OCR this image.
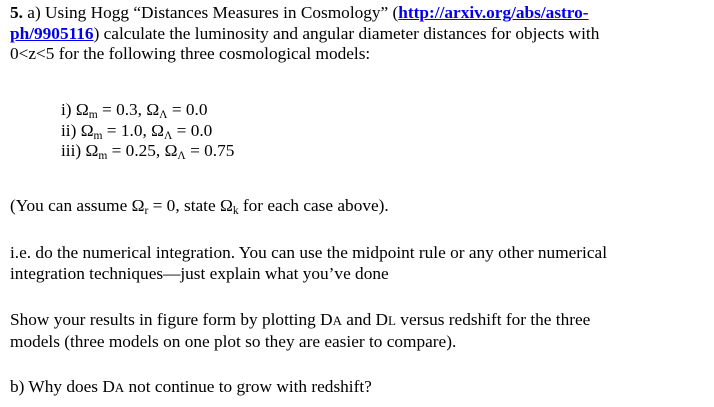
5. a) Using Hogg “Distances Measures in Cosmology” (http://arxiv.org/abs/astro-
ph/9905116) calculate the luminosity and angular diameter distances for objects with
0<z<5 for the following three cosmological models:

i) Ωm = 0.3, ΩΛ = 0.0
ii) Ωm = 1.0, ΩΛ = 0.0
iii) Ωm = 0.25, ΩΛ = 0.75

(You can assume Ωr = 0, state Ωk for each case above).

i.e. do the numerical integration. You can use the midpoint rule or any other numerical
integration techniques—just explain what you’ve done

Show your results in figure form by plotting DA and DL versus redshift for the three
models (three models on one plot so they are easier to compare).

b) Why does DA not continue to grow with redshift?
